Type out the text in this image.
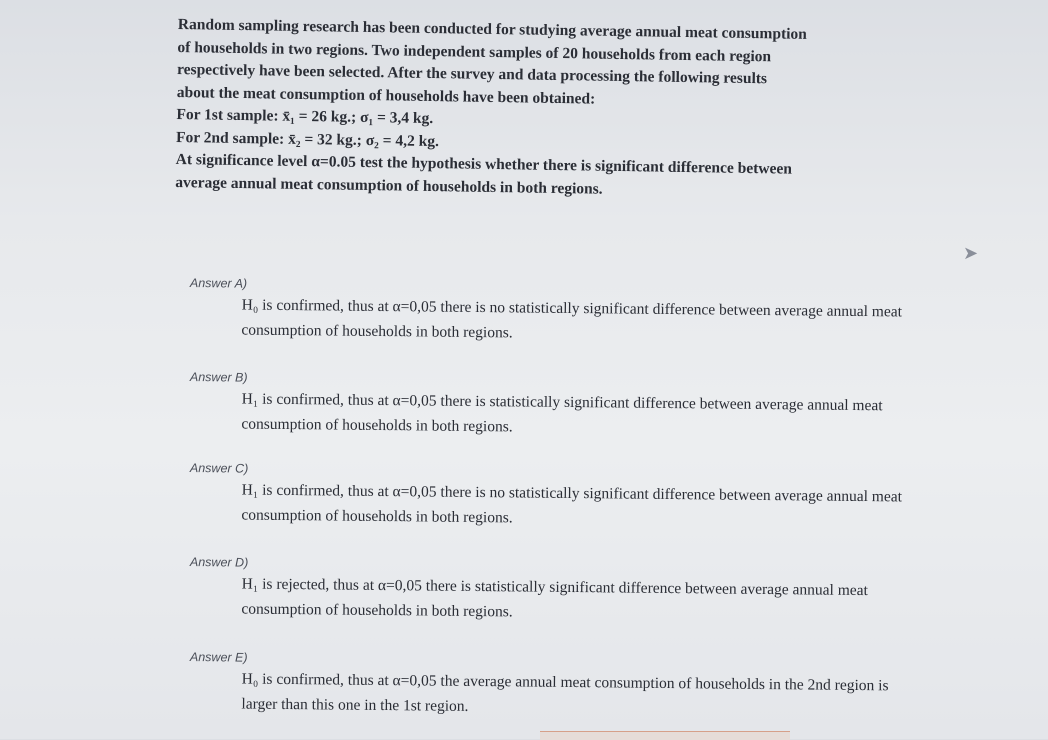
Random sampling research has been conducted for studying average annual meat consumption

of households in two regions. Two independent samples of 20 households from each region

respectively have been selected. After the survey and data processing the following results

about the meat consumption of households have been obtained:

For 1st sample: x̄₁ = 26 kg.; σ₁ = 3,4 kg.

For 2nd sample: x̄₂ = 32 kg.; σ₂ = 4,2 kg.

At significance level α=0.05 test the hypothesis whether there is significant difference between

average annual meat consumption of households in both regions.

➤
Answer A)
H₀ is confirmed, thus at α=0,05 there is no statistically significant difference between average annual meat consumption of households in both regions.
Answer B)
H₁ is confirmed, thus at α=0,05 there is statistically significant difference between average annual meat consumption of households in both regions.
Answer C)
H₁ is confirmed, thus at α=0,05 there is no statistically significant difference between average annual meat consumption of households in both regions.
Answer D)
H₁ is rejected, thus at α=0,05 there is statistically significant difference between average annual meat consumption of households in both regions.
Answer E)
H₀ is confirmed, thus at α=0,05 the average annual meat consumption of households in the 2nd region is larger than this one in the 1st region.
